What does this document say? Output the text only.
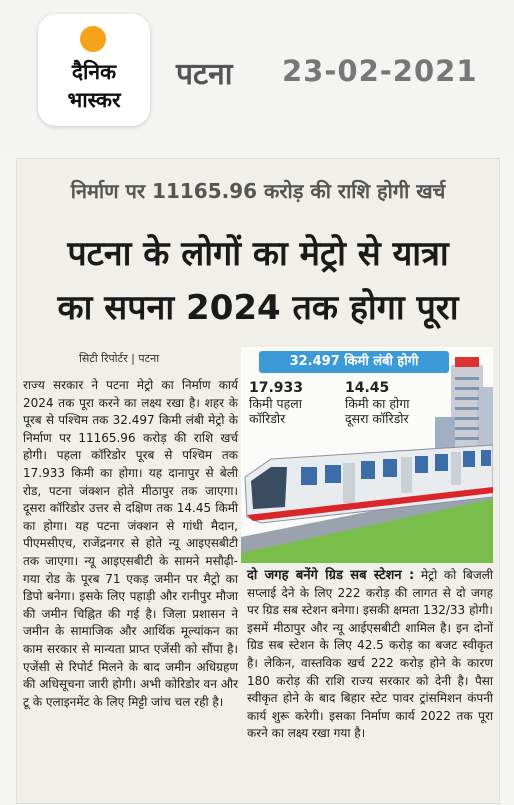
दैनिक
भास्कर
पटना 23-02-2021
निर्माण पर 11165.96 करोड़ की राशि होगी खर्च
पटना के लोगों का मेट्रो से यात्रा
का सपना 2024 तक होगा पूरा
सिटी रिपोर्टर | पटना
राज्य सरकार ने पटना मेट्रो का निर्माण कार्य 2024 तक पूरा करने का लक्ष्य रखा है। शहर के पूरब से पश्चिम तक 32.497 किमी लंबी मेट्रो के निर्माण पर 11165.96 करोड़ की राशि खर्च होगी। पहला कॉरिडोर पूरब से पश्चिम तक 17.933 किमी का होगा। यह दानापुर से बेली रोड, पटना जंक्शन होते मीठापुर तक जाएगा। दूसरा कॉरिडोर उत्तर से दक्षिण तक 14.45 किमी का होगा। यह पटना जंक्शन से गांधी मैदान, पीएमसीएच, राजेंद्रनगर से होते न्यू आइएसबीटी तक जाएगा। न्यू आइएसबीटी के सामने मसौढ़ी-गया रोड के पूरब 71 एकड़ जमीन पर मैट्रो का डिपो बनेगा। इसके लिए पहाड़ी और रानीपुर मौजा की जमीन चिह्नित की गई है। जिला प्रशासन ने जमीन के सामाजिक और आर्थिक मूल्यांकन का काम सरकार से मान्यता प्राप्त एजेंसी को सौंपा है। एजेंसी से रिपोर्ट मिलने के बाद जमीन अधिग्रहण की अधिसूचना जारी होगी। अभी कोरिडोर वन और टू के एलाइनमेंट के लिए मिट्टी जांच चल रही है।
32.497 किमी लंबी होगी
17.933
किमी पहला कॉरिडोर
14.45
किमी का होगा दूसरा कॉरिडोर
दो जगह बनेंगे ग्रिड सब स्टेशन : मेट्रो को बिजली सप्लाई देने के लिए 222 करोड़ की लागत से दो जगह पर ग्रिड सब स्टेशन बनेगा। इसकी क्षमता 132/33 होगी। इसमें मीठापुर और न्यू आईएसबीटी शामिल है। इन दोनों ग्रिड सब स्टेशन के लिए 42.5 करोड़ का बजट स्वीकृत है। लेकिन, वास्तविक खर्च 222 करोड़ होने के कारण 180 करोड़ की राशि राज्य सरकार को देनी है। पैसा स्वीकृत होने के बाद बिहार स्टेट पावर ट्रांसमिशन कंपनी कार्य शुरू करेगी। इसका निर्माण कार्य 2022 तक पूरा करने का लक्ष्य रखा गया है।
